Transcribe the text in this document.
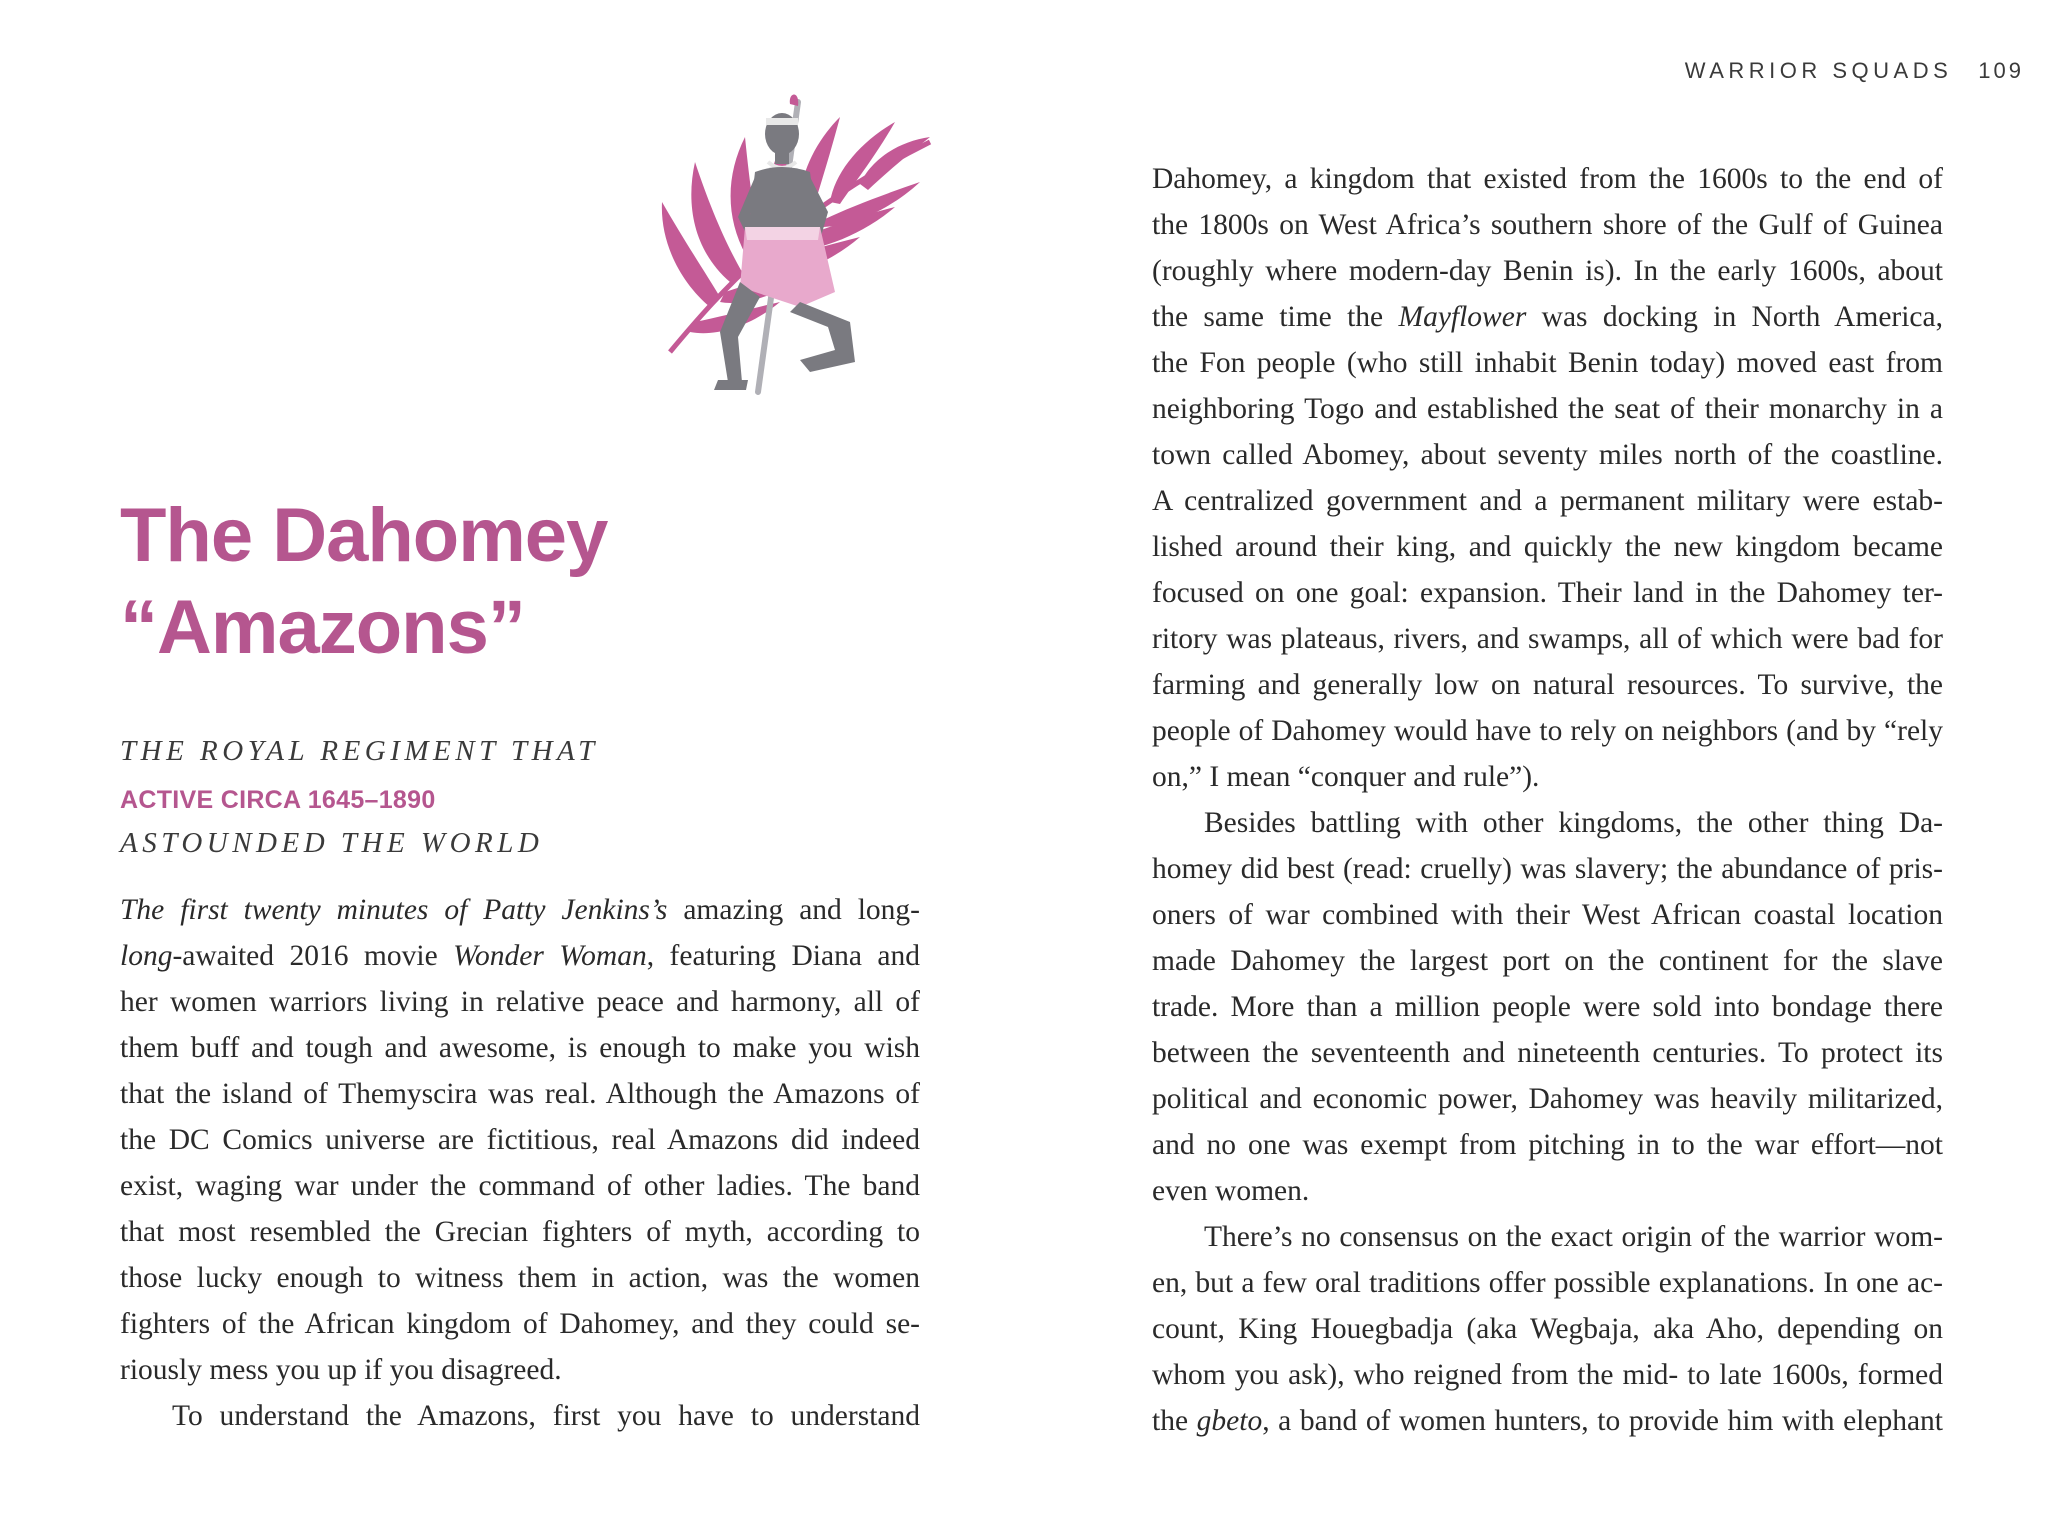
The Dahomey
“Amazons”

THE ROYAL REGIMENT THAT

ASTOUNDED THE WORLD

ACTIVE CIRCA 1645–1890
The first twenty minutes of Patty Jenkins’s amazing and long-
long-awaited 2016 movie Wonder Woman, featuring Diana and
her women warriors living in relative peace and harmony, all of
them buff and tough and awesome, is enough to make you wish
that the island of Themyscira was real. Although the Amazons of
the DC Comics universe are fictitious, real Amazons did indeed
exist, waging war under the command of other ladies. The band
that most resembled the Grecian fighters of myth, according to
those lucky enough to witness them in action, was the women
fighters of the African kingdom of Dahomey, and they could se-
riously mess you up if you disagreed.
To understand the Amazons, first you have to understand
WARRIOR SQUADS 109
Dahomey, a kingdom that existed from the 1600s to the end of
the 1800s on West Africa’s southern shore of the Gulf of Guinea
(roughly where modern-day Benin is). In the early 1600s, about
the same time the Mayflower was docking in North America,
the Fon people (who still inhabit Benin today) moved east from
neighboring Togo and established the seat of their monarchy in a
town called Abomey, about seventy miles north of the coastline.
A centralized government and a permanent military were estab-
lished around their king, and quickly the new kingdom became
focused on one goal: expansion. Their land in the Dahomey ter-
ritory was plateaus, rivers, and swamps, all of which were bad for
farming and generally low on natural resources. To survive, the
people of Dahomey would have to rely on neighbors (and by “rely
on,” I mean “conquer and rule”).
Besides battling with other kingdoms, the other thing Da-
homey did best (read: cruelly) was slavery; the abundance of pris-
oners of war combined with their West African coastal location
made Dahomey the largest port on the continent for the slave
trade. More than a million people were sold into bondage there
between the seventeenth and nineteenth centuries. To protect its
political and economic power, Dahomey was heavily militarized,
and no one was exempt from pitching in to the war effort—not
even women.
There’s no consensus on the exact origin of the warrior wom-
en, but a few oral traditions offer possible explanations. In one ac-
count, King Houegbadja (aka Wegbaja, aka Aho, depending on
whom you ask), who reigned from the mid- to late 1600s, formed
the gbeto, a band of women hunters, to provide him with elephant
